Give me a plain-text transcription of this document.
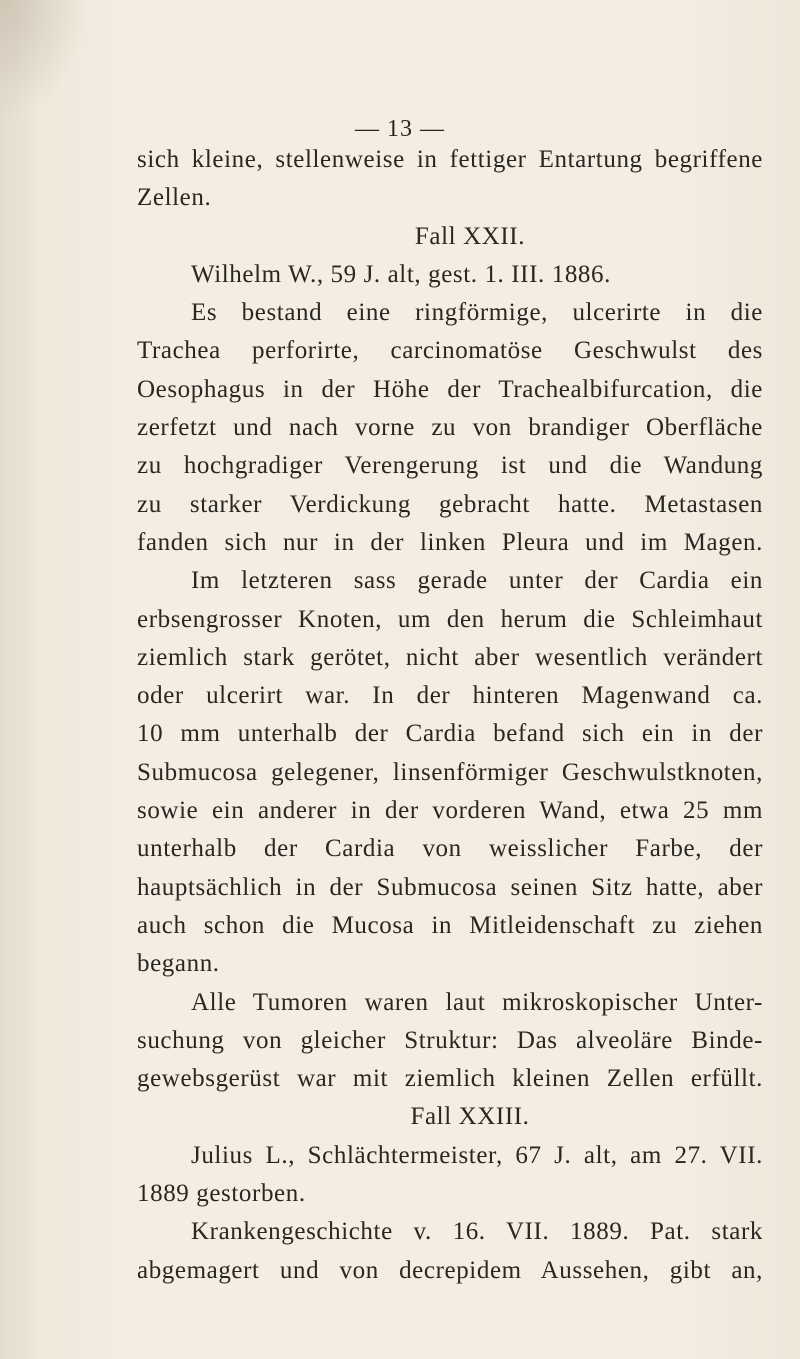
— 13 —
sich kleine, stellenweise in fettiger Entartung begriffene
Zellen.
Fall XXII.
Wilhelm W., 59 J. alt, gest. 1. III. 1886.
Es bestand eine ringförmige, ulcerirte in die
Trachea perforirte, carcinomatöse Geschwulst des
Oesophagus in der Höhe der Trachealbifurcation, die
zerfetzt und nach vorne zu von brandiger Oberfläche
zu hochgradiger Verengerung ist und die Wandung
zu starker Verdickung gebracht hatte. Metastasen
fanden sich nur in der linken Pleura und im Magen.
Im letzteren sass gerade unter der Cardia ein
erbsengrosser Knoten, um den herum die Schleimhaut
ziemlich stark gerötet, nicht aber wesentlich verändert
oder ulcerirt war. In der hinteren Magenwand ca.
10 mm unterhalb der Cardia befand sich ein in der
Submucosa gelegener, linsenförmiger Geschwulstknoten,
sowie ein anderer in der vorderen Wand, etwa 25 mm
unterhalb der Cardia von weisslicher Farbe, der
hauptsächlich in der Submucosa seinen Sitz hatte, aber
auch schon die Mucosa in Mitleidenschaft zu ziehen
begann.
Alle Tumoren waren laut mikroskopischer Unter-
suchung von gleicher Struktur: Das alveoläre Binde-
gewebsgerüst war mit ziemlich kleinen Zellen erfüllt.
Fall XXIII.
Julius L., Schlächtermeister, 67 J. alt, am 27. VII.
1889 gestorben.
Krankengeschichte v. 16. VII. 1889. Pat. stark
abgemagert und von decrepidem Aussehen, gibt an,
